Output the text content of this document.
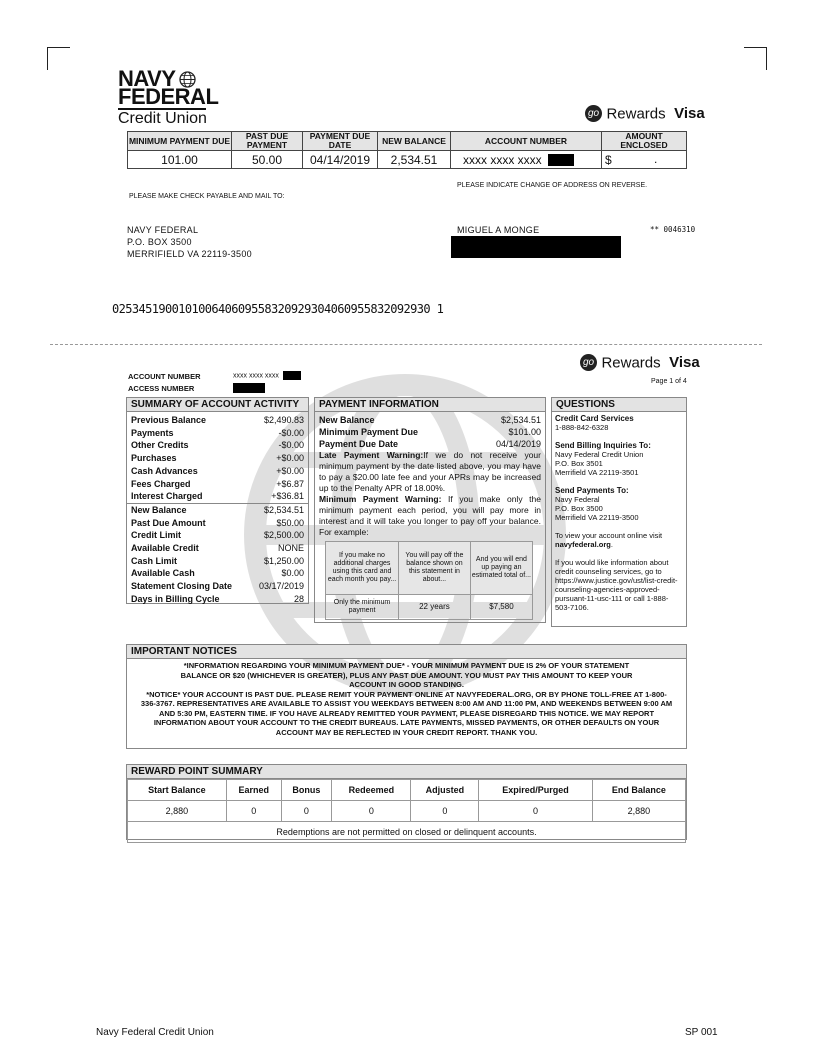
NAVY
FEDERAL
Credit Union	go Rewards Visa
MINIMUM PAYMENT DUE	PAST DUE PAYMENT	PAYMENT DUE DATE	NEW BALANCE	ACCOUNT NUMBER	AMOUNT ENCLOSED
101.00	50.00	04/14/2019	2,534.51	xxxx xxxx xxxx	$ .
PLEASE INDICATE CHANGE OF ADDRESS ON REVERSE.
PLEASE MAKE CHECK PAYABLE AND MAIL TO:
NAVY FEDERAL
P.O. BOX 3500
MERRIFIELD VA 22119-3500
MIGUEL A MONGE	** 0046310
025345190010100640609558320929304060955832092930 1
go Rewards Visa
Page 1 of 4
ACCOUNT NUMBER	xxxx xxxx xxxx
ACCESS NUMBER
SUMMARY OF ACCOUNT ACTIVITY
Previous Balance	$2,490.83
Payments	-$0.00
Other Credits	-$0.00
Purchases	+$0.00
Cash Advances	+$0.00
Fees Charged	+$6.87
Interest Charged	+$36.81
New Balance	$2,534.51
Past Due Amount	$50.00
Credit Limit	$2,500.00
Available Credit	NONE
Cash Limit	$1,250.00
Available Cash	$0.00
Statement Closing Date	03/17/2019
Days in Billing Cycle	28
PAYMENT INFORMATION
New Balance	$2,534.51
Minimum Payment Due	$101.00
Payment Due Date	04/14/2019
Late Payment Warning:If we do not receive your minimum payment by the date listed above, you may have to pay a $20.00 late fee and your APRs may be increased up to the Penalty APR of 18.00%.
Minimum Payment Warning: If you make only the minimum payment each period, you will pay more in interest and it will take you longer to pay off your balance. For example:
If you make no additional charges using this card and each month you pay...	You will pay off the balance shown on this statement in about...	And you will end up paying an estimated total of...
Only the minimum payment	22 years	$7,580
QUESTIONS
Credit Card Services
1-888-842-6328
Send Billing Inquiries To:
Navy Federal Credit Union
P.O. Box 3501
Merrifield VA 22119-3501
Send Payments To:
Navy Federal
P.O. Box 3500
Merrifield VA 22119-3500
To view your account online visit navyfederal.org.
If you would like information about credit counseling services, go to https://www.justice.gov/ust/list-credit-counseling-agencies-approved-pursuant-11-usc-111 or call 1-888-503-7106.
IMPORTANT NOTICES
*INFORMATION REGARDING YOUR MINIMUM PAYMENT DUE* - YOUR MINIMUM PAYMENT DUE IS 2% OF YOUR STATEMENT BALANCE OR $20 (WHICHEVER IS GREATER), PLUS ANY PAST DUE AMOUNT. YOU MUST PAY THIS AMOUNT TO KEEP YOUR ACCOUNT IN GOOD STANDING.
*NOTICE* YOUR ACCOUNT IS PAST DUE. PLEASE REMIT YOUR PAYMENT ONLINE AT NAVYFEDERAL.ORG, OR BY PHONE TOLL-FREE AT 1-800-336-3767. REPRESENTATIVES ARE AVAILABLE TO ASSIST YOU WEEKDAYS BETWEEN 8:00 AM AND 11:00 PM, AND WEEKENDS BETWEEN 9:00 AM AND 5:30 PM, EASTERN TIME. IF YOU HAVE ALREADY REMITTED YOUR PAYMENT, PLEASE DISREGARD THIS NOTICE. WE MAY REPORT INFORMATION ABOUT YOUR ACCOUNT TO THE CREDIT BUREAUS. LATE PAYMENTS, MISSED PAYMENTS, OR OTHER DEFAULTS ON YOUR ACCOUNT MAY BE REFLECTED IN YOUR CREDIT REPORT. THANK YOU.
REWARD POINT SUMMARY
Start Balance	Earned	Bonus	Redeemed	Adjusted	Expired/Purged	End Balance
2,880	0	0	0	0	0	2,880
Redemptions are not permitted on closed or delinquent accounts.						
Navy Federal Credit Union	SP 001
